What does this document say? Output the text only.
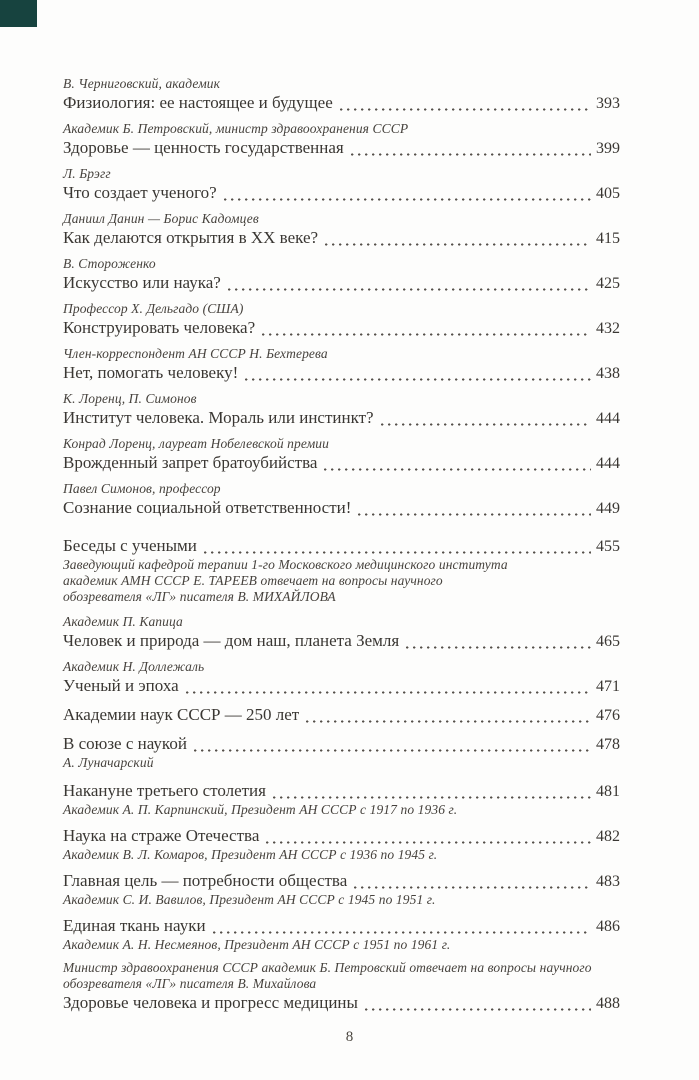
В. Черниговский, академик
Физиология: ее настоящее и будущее	393
Академик Б. Петровский, министр здравоохранения СССР
Здоровье — ценность государственная	399
Л. Брэгг
Что создает ученого?	405
Даниил Данин — Борис Кадомцев
Как делаются открытия в XX веке?	415
В. Стороженко
Искусство или наука?	425
Профессор Х. Дельгадо (США)
Конструировать человека?	432
Член-корреспондент АН СССР Н. Бехтерева
Нет, помогать человеку!	438
К. Лоренц, П. Симонов
Институт человека. Мораль или инстинкт?	444
Конрад Лоренц, лауреат Нобелевской премии
Врожденный запрет братоубийства	444
Павел Симонов, профессор
Сознание социальной ответственности!	449
Беседы с учеными	455
Заведующий кафедрой терапии 1-го Московского медицинского института
академик АМН СССР Е. ТАРЕЕВ отвечает на вопросы научного
обозревателя «ЛГ» писателя В. МИХАЙЛОВА
Академик П. Капица
Человек и природа — дом наш, планета Земля	465
Академик Н. Доллежаль
Ученый и эпоха	471
Академии наук СССР — 250 лет	476
В союзе с наукой	478
А. Луначарский
Накануне третьего столетия	481
Академик А. П. Карпинский, Президент АН СССР с 1917 по 1936 г.
Наука на страже Отечества	482
Академик В. Л. Комаров, Президент АН СССР с 1936 по 1945 г.
Главная цель — потребности общества	483
Академик С. И. Вавилов, Президент АН СССР с 1945 по 1951 г.
Единая ткань науки	486
Академик А. Н. Несмеянов, Президент АН СССР с 1951 по 1961 г.
Министр здравоохранения СССР академик Б. Петровский отвечает на вопросы научного
обозревателя «ЛГ» писателя В. Михайлова
Здоровье человека и прогресс медицины	488
8
